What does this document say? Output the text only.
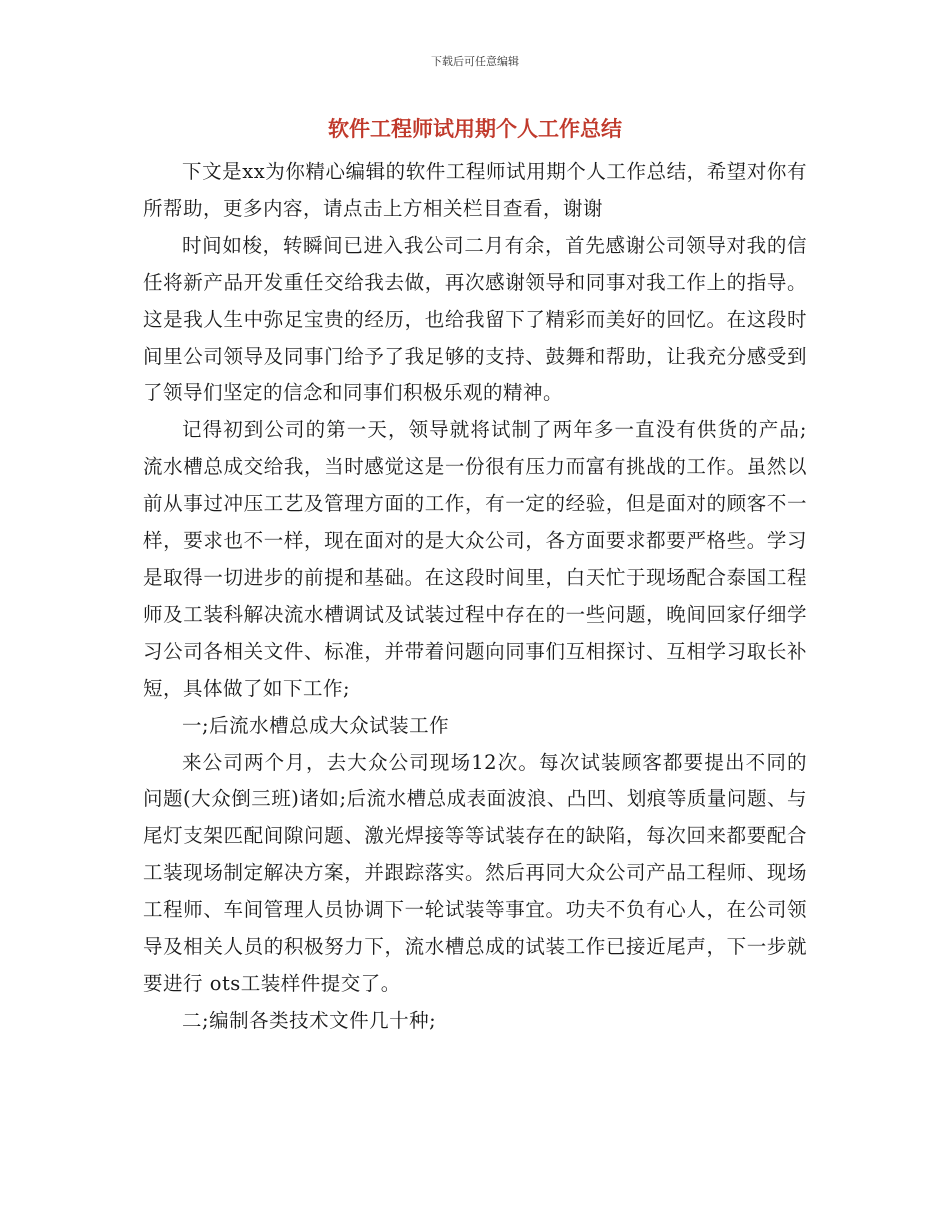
下载后可任意编辑
软件工程师试用期个人工作总结

下文是xx为你精心编辑的软件工程师试用期个人工作总结，希望对你有所帮助，更多内容，请点击上方相关栏目查看，谢谢

时间如梭，转瞬间已进入我公司二月有余，首先感谢公司领导对我的信任将新产品开发重任交给我去做，再次感谢领导和同事对我工作上的指导。这是我人生中弥足宝贵的经历，也给我留下了精彩而美好的回忆。在这段时间里公司领导及同事门给予了我足够的支持、鼓舞和帮助，让我充分感受到了领导们坚定的信念和同事们积极乐观的精神。

记得初到公司的第一天，领导就将试制了两年多一直没有供货的产品;流水槽总成交给我，当时感觉这是一份很有压力而富有挑战的工作。虽然以前从事过冲压工艺及管理方面的工作，有一定的经验，但是面对的顾客不一样，要求也不一样，现在面对的是大众公司，各方面要求都要严格些。学习是取得一切进步的前提和基础。在这段时间里，白天忙于现场配合泰国工程师及工装科解决流水槽调试及试装过程中存在的一些问题，晚间回家仔细学习公司各相关文件、标准，并带着问题向同事们互相探讨、互相学习取长补短，具体做了如下工作;

一;后流水槽总成大众试装工作

来公司两个月，去大众公司现场12次。每次试装顾客都要提出不同的问题(大众倒三班)诸如;后流水槽总成表面波浪、凸凹、划痕等质量问题、与尾灯支架匹配间隙问题、激光焊接等等试装存在的缺陷，每次回来都要配合工装现场制定解决方案，并跟踪落实。然后再同大众公司产品工程师、现场工程师、车间管理人员协调下一轮试装等事宜。功夫不负有心人，在公司领导及相关人员的积极努力下，流水槽总成的试装工作已接近尾声，下一步就要进行 ots工装样件提交了。

二;编制各类技术文件几十种;
